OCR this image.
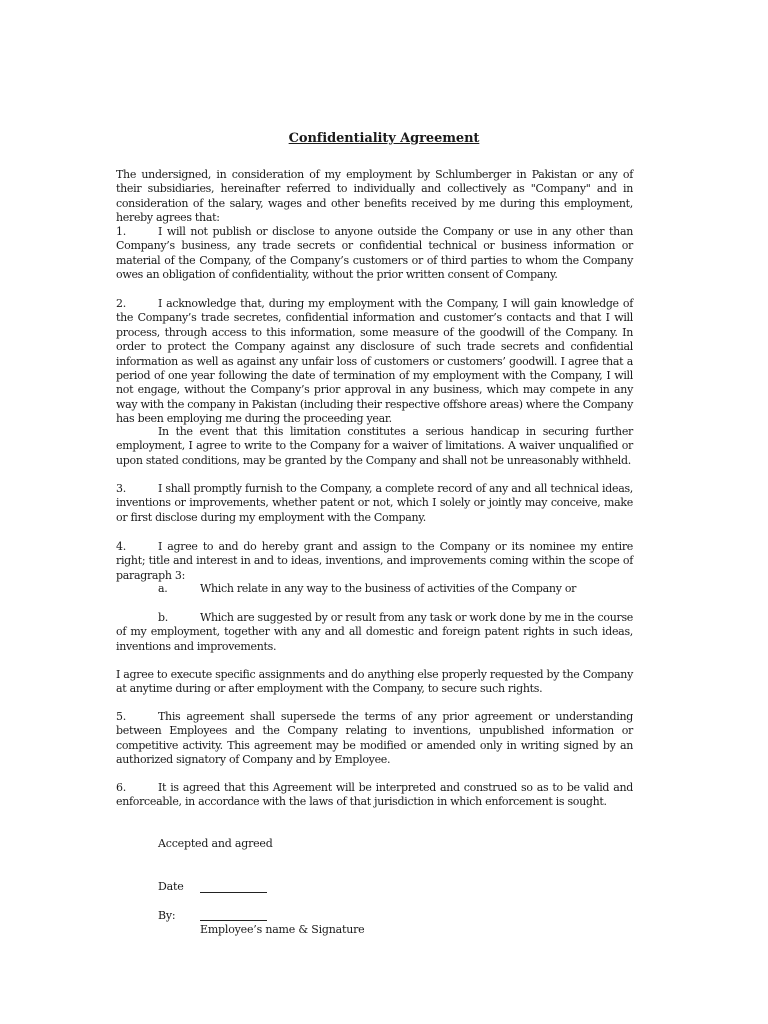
Confidentiality Agreement
The undersigned, in consideration of my employment by Schlumberger in Pakistan or any of their subsidiaries, hereinafter referred to individually and collectively as "Company" and in consideration of the salary, wages and other benefits received by me during this employment, hereby agrees that:
1.	I will not publish or disclose to anyone outside the Company or use in any other than Company’s business, any trade secrets or confidential technical or business information or material of the Company, of the Company’s customers or of third parties to whom the Company owes an obligation of confidentiality, without the prior written consent of Company.
2.	I acknowledge that, during my employment with the Company, I will gain knowledge of the Company’s trade secretes, confidential information and customer’s contacts and that I will process, through access to this information, some measure of the goodwill of the Company. In order to protect the Company against any disclosure of such trade secrets and confidential information as well as against any unfair loss of customers or customers’ goodwill. I agree that a period of one year following the date of termination of my employment with the Company, I will not engage, without the Company’s prior approval in any business, which may compete in any way with the company in Pakistan (including their respective offshore areas) where the Company has been employing me during the proceeding year.
In the event that this limitation constitutes a serious handicap in securing further employment, I agree to write to the Company for a waiver of limitations. A waiver unqualified or upon stated conditions, may be granted by the Company and shall not be unreasonably withheld.
3.	I shall promptly furnish to the Company, a complete record of any and all technical ideas, inventions or improvements, whether patent or not, which I solely or jointly may conceive, make or first disclose during my employment with the Company.
4.	I agree to and do hereby grant and assign to the Company or its nominee my entire right; title and interest in and to ideas, inventions, and improvements coming within the scope of paragraph 3:
a.	Which relate in any way to the business of activities of the Company or
b.	Which are suggested by or result from any task or work done by me in the course of my employment, together with any and all domestic and foreign patent rights in such ideas, inventions and improvements.
I agree to execute specific assignments and do anything else properly requested by the Company at anytime during or after employment with the Company, to secure such rights.
5.	This agreement shall supersede the terms of any prior agreement or understanding between Employees and the Company relating to inventions, unpublished information or competitive activity. This agreement may be modified or amended only in writing signed by an authorized signatory of Company and by Employee.
6.	It is agreed that this Agreement will be interpreted and construed so as to be valid and enforceable, in accordance with the laws of that jurisdiction in which enforcement is sought.
Accepted and agreed
Date
By:
Employee’s name & Signature
